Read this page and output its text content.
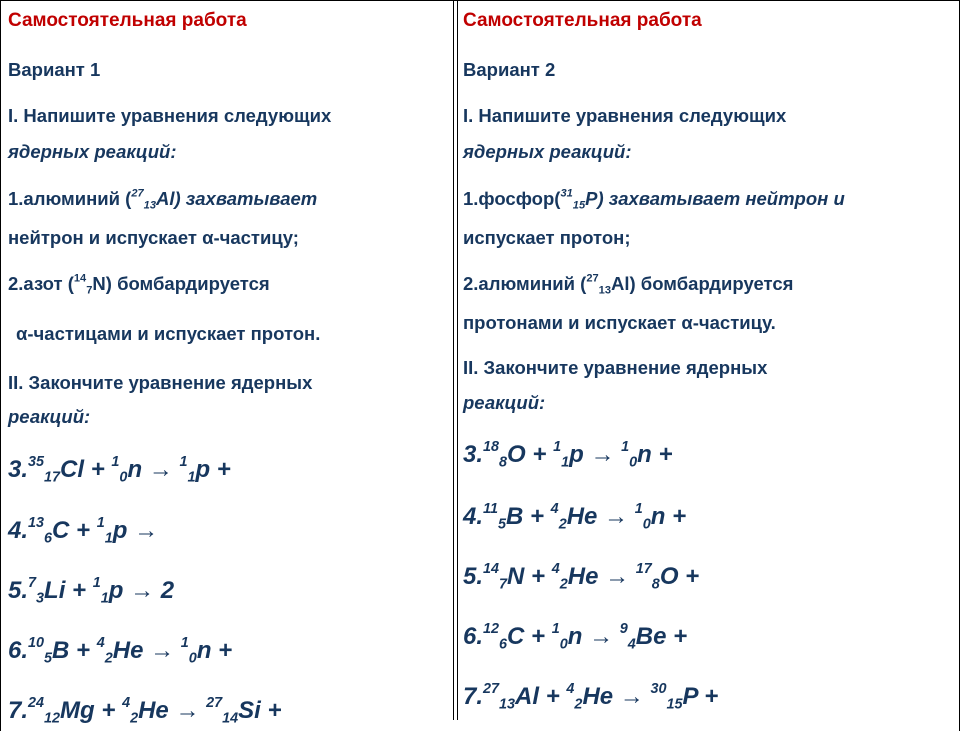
Самостоятельная работа
Вариант 1
I. Напишите уравнения следующих
ядерных реакций:
1.алюминий ($^{27}_{13}$Al) захватывает
нейтрон и испускает α-частицу;
2.азот ($^{14}_7$N) бомбардируется
α-частицами и испускает протон.
II. Закончите уравнение ядерных
реакций:
$3.35_{17}Cl + ^1_0n \to ^1_1p$ +
$4.13_6C + ^1_1p$ →
5.$^7_3$Li + $^1_1$p → 2
$6.10_5B + ^4_2He \to ^1_0n$ +
$7.24_{12}Mg + ^4_2He \to ^{27}_{14}Si$ +
Самостоятельная работа
Вариант 2
I. Напишите уравнения следующих
ядерных реакций:
1.фосфор($^{31}_{15}$P) захватывает нейтрон и
испускает протон;
2.алюминий ($^{27}_{13}$Al) бомбардируется
протонами и испускает α-частицу.
II. Закончите уравнение ядерных
реакций:
$3.18_8O + ^1_1p \to ^1_0n$ +
$4.11_5B + ^4_2He \to ^1_0n$ +
$5.14_7N + ^4_2He \to ^{17}_8O$ +
$6.12_6C + ^1_0n \to ^9_4Be$ +
$7.27_{13}Al + ^4_2He \to ^{30}_{15}P$ +
